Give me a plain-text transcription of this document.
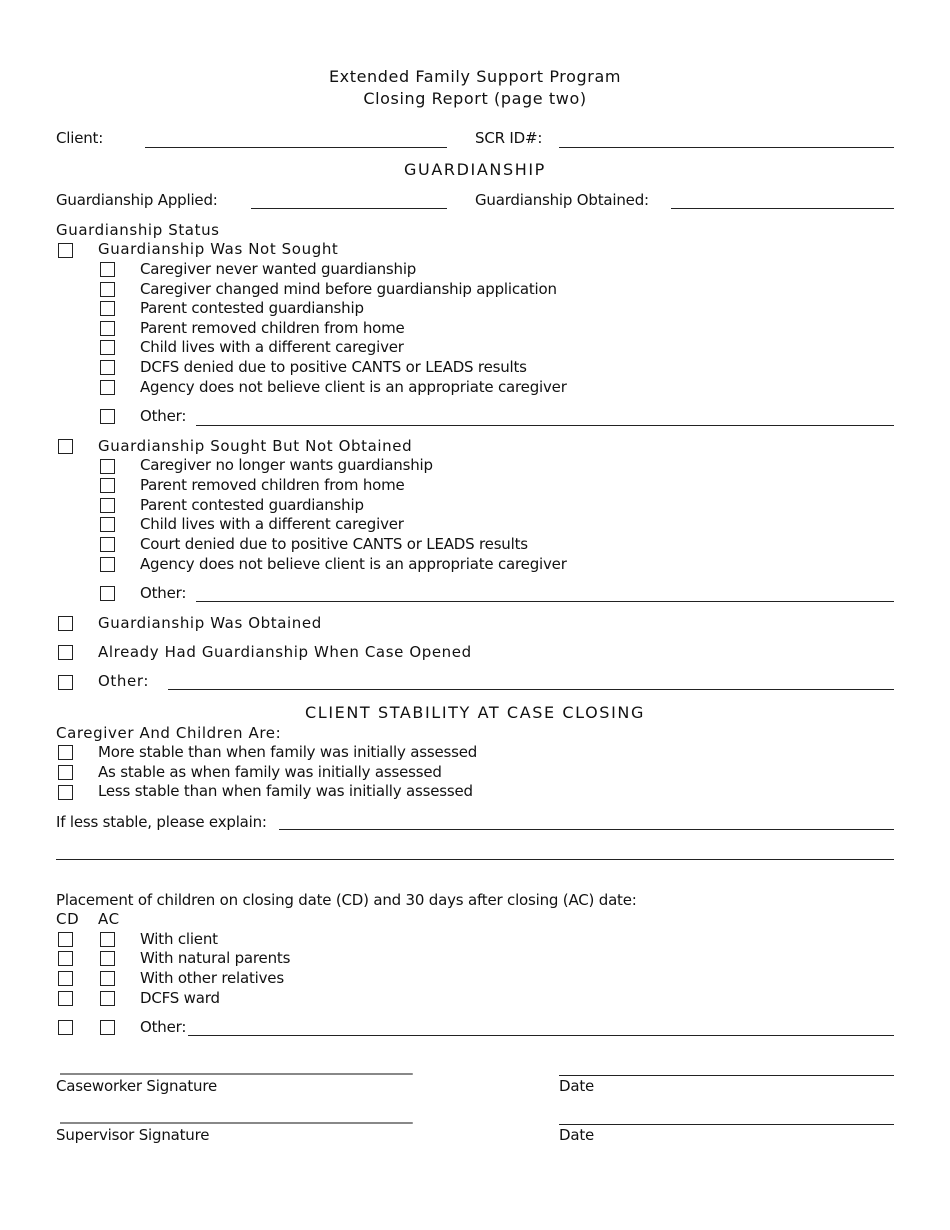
Extended Family Support Program
Closing Report (page two)
Client:	SCR ID#:
GUARDIANSHIP
Guardianship Applied:	Guardianship Obtained:
Guardianship Status
Guardianship Was Not Sought
Caregiver never wanted guardianship
Caregiver changed mind before guardianship application
Parent contested guardianship
Parent removed children from home
Child lives with a different caregiver
DCFS denied due to positive CANTS or LEADS results
Agency does not believe client is an appropriate caregiver
Other:
Guardianship Sought But Not Obtained
Caregiver no longer wants guardianship
Parent removed children from home
Parent contested guardianship
Child lives with a different caregiver
Court denied due to positive CANTS or LEADS results
Agency does not believe client is an appropriate caregiver
Other:
Guardianship Was Obtained
Already Had Guardianship When Case Opened
Other:
CLIENT STABILITY AT CASE CLOSING
Caregiver And Children Are:
More stable than when family was initially assessed
As stable as when family was initially assessed
Less stable than when family was initially assessed
If less stable, please explain:
Placement of children on closing date (CD) and 30 days after closing (AC) date:
CD AC
With client
With natural parents
With other relatives
DCFS ward
Other:
_______________________________________________________
Caseworker Signature	Date
_______________________________________________________
Supervisor Signature	Date
